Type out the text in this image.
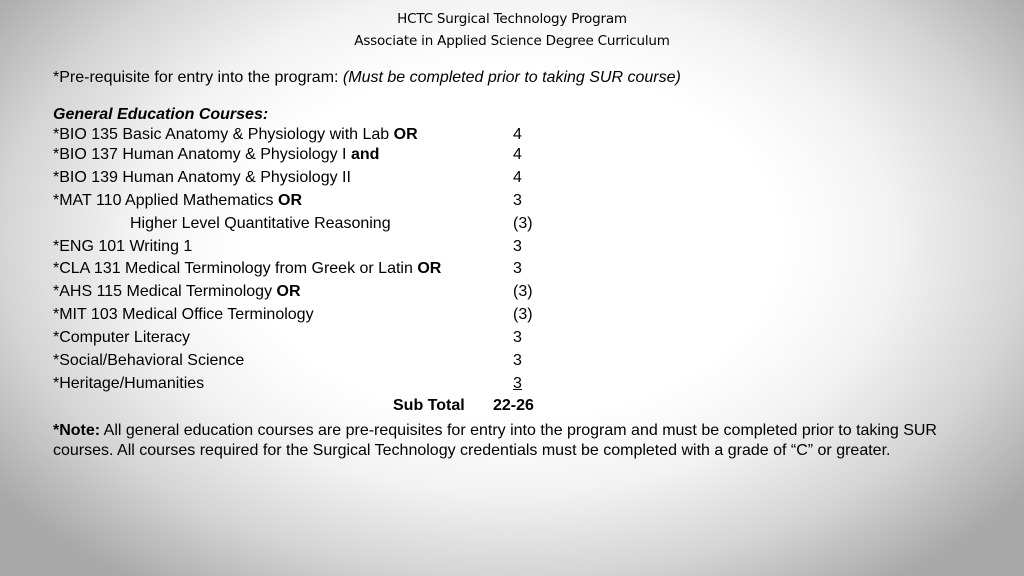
HCTC Surgical Technology Program
Associate in Applied Science Degree Curriculum
*Pre-requisite for entry into the program: (Must be completed prior to taking SUR course)
General Education Courses:
*BIO 135 Basic Anatomy & Physiology with Lab OR	4
*BIO 137 Human Anatomy & Physiology I and	4
*BIO 139 Human Anatomy & Physiology II	4
*MAT 110 Applied Mathematics OR	3
Higher Level Quantitative Reasoning	(3)
*ENG 101 Writing 1	3
*CLA 131 Medical Terminology from Greek or Latin OR	3
*AHS 115 Medical Terminology OR	(3)
*MIT 103 Medical Office Terminology	(3)
*Computer Literacy	3
*Social/Behavioral Science	3
*Heritage/Humanities	3
Sub Total 22-26
*Note: All general education courses are pre-requisites for entry into the program and must be completed prior to taking SUR courses. All courses required for the Surgical Technology credentials must be completed with a grade of “C” or greater.
